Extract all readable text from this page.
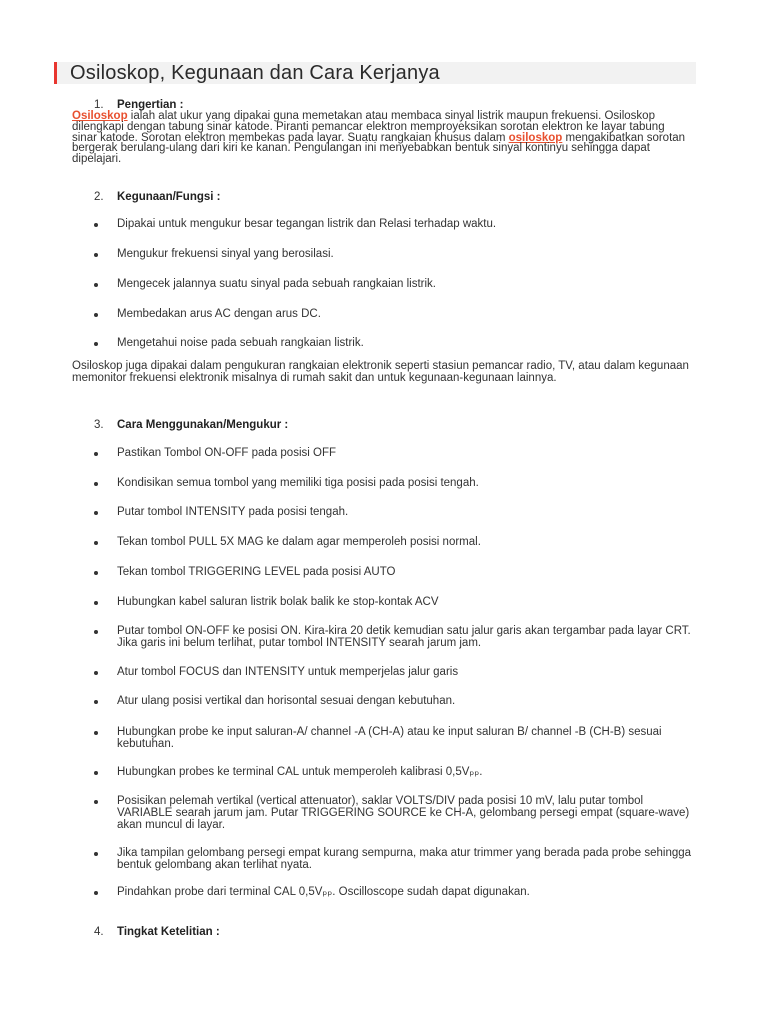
Osiloskop, Kegunaan dan Cara Kerjanya
1. Pengertian :

Osiloskop ialah alat ukur yang dipakai guna memetakan atau membaca sinyal listrik maupun frekuensi. Osiloskop dilengkapi dengan tabung sinar katode. Piranti pemancar elektron memproyeksikan sorotan elektron ke layar tabung sinar katode. Sorotan elektron membekas pada layar. Suatu rangkaian khusus dalam osiloskop mengakibatkan sorotan bergerak berulang-ulang dari kiri ke kanan. Pengulangan ini menyebabkan bentuk sinyal kontinyu sehingga dapat dipelajari.

2. Kegunaan/Fungsi :

Dipakai untuk mengukur besar tegangan listrik dan Relasi terhadap waktu.

Mengukur frekuensi sinyal yang berosilasi.

Mengecek jalannya suatu sinyal pada sebuah rangkaian listrik.

Membedakan arus AC dengan arus DC.

Mengetahui noise pada sebuah rangkaian listrik.

Osiloskop juga dipakai dalam pengukuran rangkaian elektronik seperti stasiun pemancar radio, TV, atau dalam kegunaan memonitor frekuensi elektronik misalnya di rumah sakit dan untuk kegunaan-kegunaan lainnya.

3. Cara Menggunakan/Mengukur :

Pastikan Tombol ON-OFF pada posisi OFF

Kondisikan semua tombol yang memiliki tiga posisi pada posisi tengah.

Putar tombol INTENSITY pada posisi tengah.

Tekan tombol PULL 5X MAG ke dalam agar memperoleh posisi normal.

Tekan tombol TRIGGERING LEVEL pada posisi AUTO

Hubungkan kabel saluran listrik bolak balik ke stop-kontak ACV

Putar tombol ON-OFF ke posisi ON. Kira-kira 20 detik kemudian satu jalur garis akan tergambar pada layar CRT. Jika garis ini belum terlihat, putar tombol INTENSITY searah jarum jam.

Atur tombol FOCUS dan INTENSITY untuk memperjelas jalur garis

Atur ulang posisi vertikal dan horisontal sesuai dengan kebutuhan.

Hubungkan probe ke input saluran-A/ channel -A (CH-A) atau ke input saluran B/ channel -B (CH-B) sesuai kebutuhan.

Hubungkan probes ke terminal CAL untuk memperoleh kalibrasi 0,5Vₚₚ.

Posisikan pelemah vertikal (vertical attenuator), saklar VOLTS/DIV pada posisi 10 mV, lalu putar tombol VARIABLE searah jarum jam. Putar TRIGGERING SOURCE ke CH-A, gelombang persegi empat (square-wave) akan muncul di layar.

Jika tampilan gelombang persegi empat kurang sempurna, maka atur trimmer yang berada pada probe sehingga bentuk gelombang akan terlihat nyata.

Pindahkan probe dari terminal CAL 0,5Vₚₚ. Oscilloscope sudah dapat digunakan.

4. Tingkat Ketelitian :
